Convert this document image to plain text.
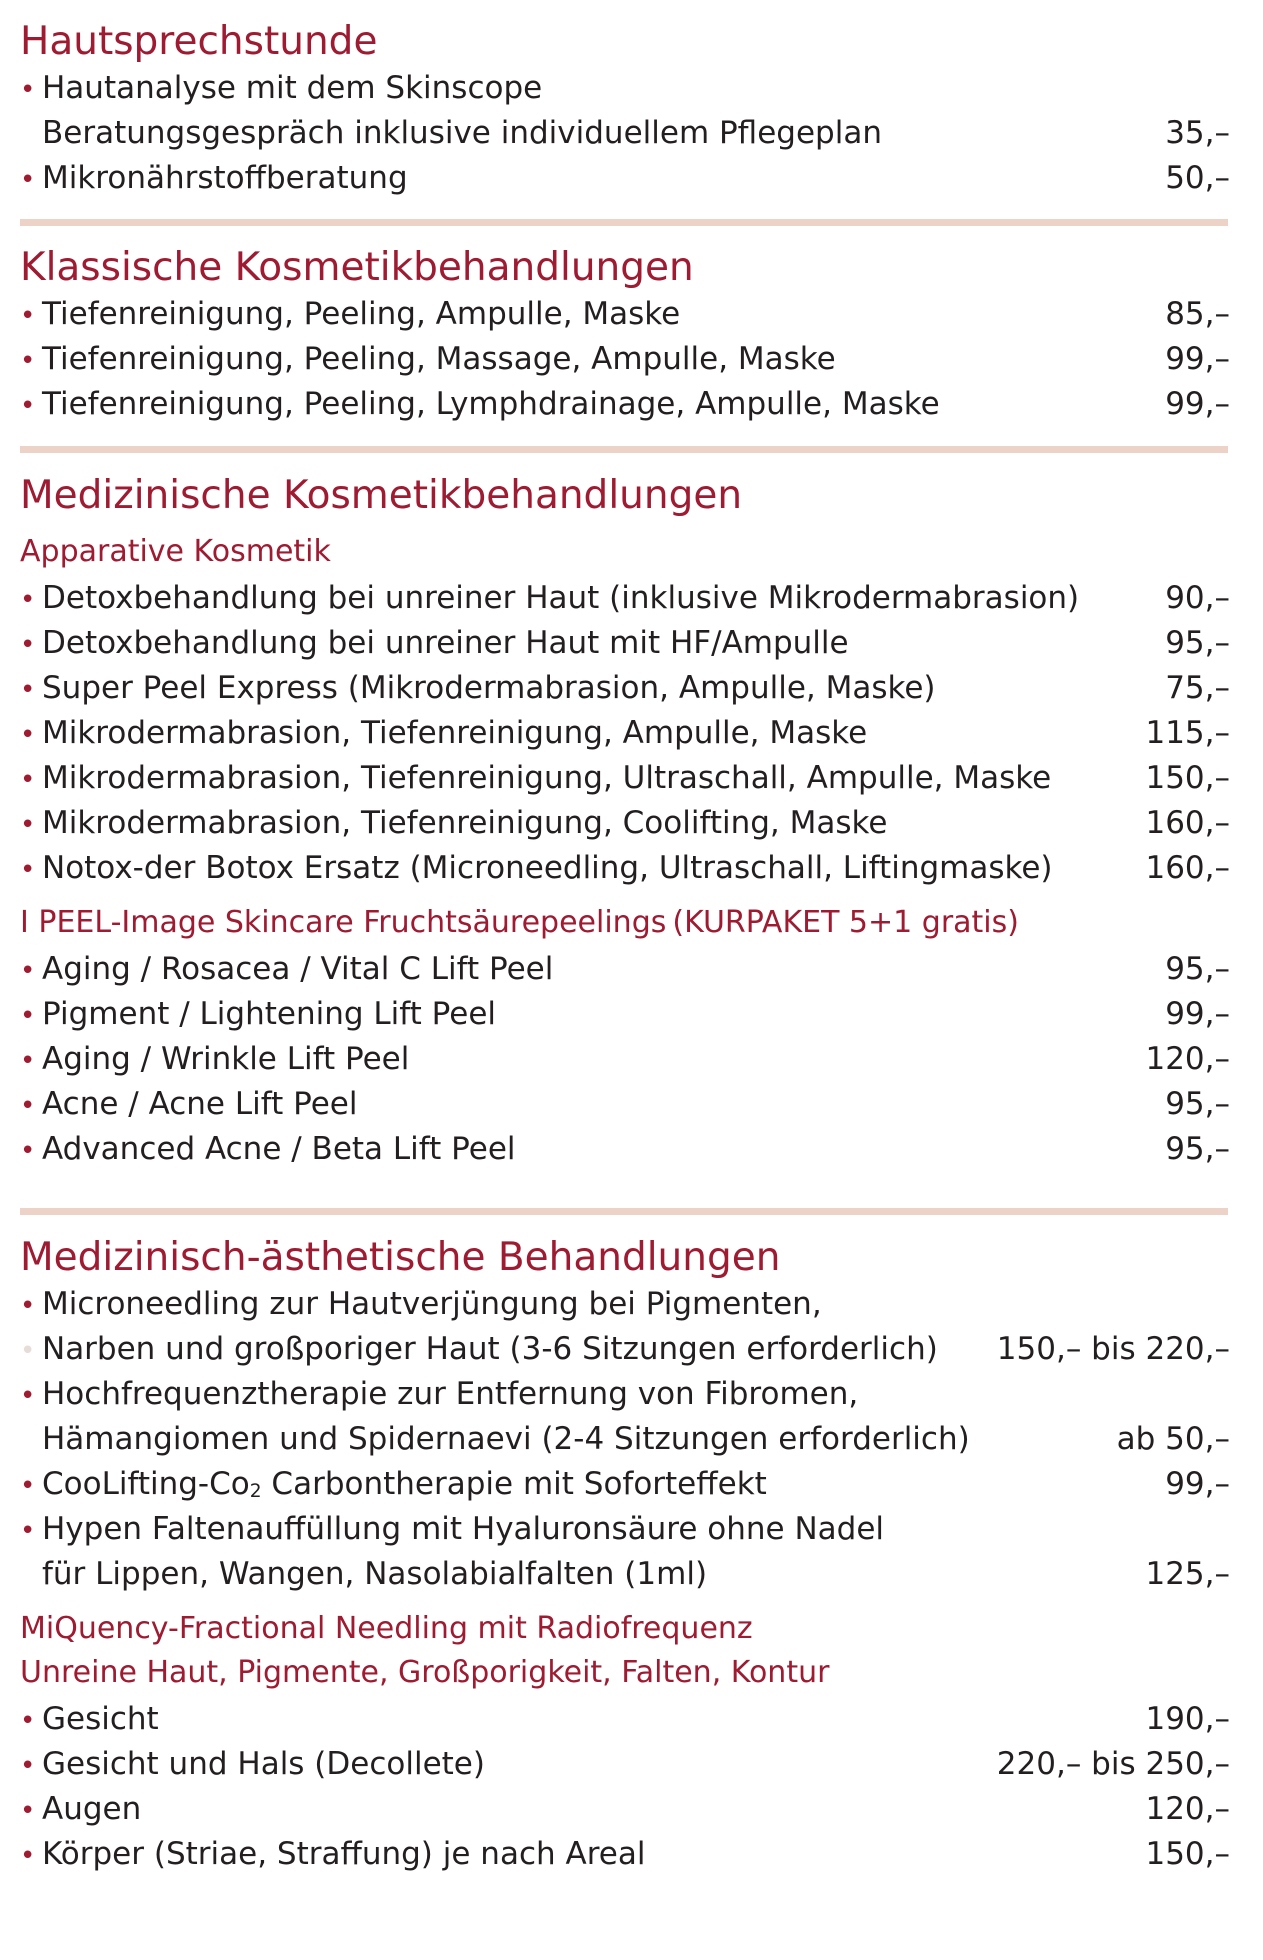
Hautsprechstunde
• Hautanalyse mit dem Skinscope
Beratungsgespräch inklusive individuellem Pflegeplan	35,–
• Mikronährstoffberatung	50,–
Klassische Kosmetikbehandlungen
• Tiefenreinigung, Peeling, Ampulle, Maske	85,–
• Tiefenreinigung, Peeling, Massage, Ampulle, Maske	99,–
• Tiefenreinigung, Peeling, Lymphdrainage, Ampulle, Maske	99,–
Medizinische Kosmetikbehandlungen
Apparative Kosmetik
• Detoxbehandlung bei unreiner Haut (inklusive Mikrodermabrasion)	90,–
• Detoxbehandlung bei unreiner Haut mit HF/Ampulle	95,–
• Super Peel Express (Mikrodermabrasion, Ampulle, Maske)	75,–
• Mikrodermabrasion, Tiefenreinigung, Ampulle, Maske	115,–
• Mikrodermabrasion, Tiefenreinigung, Ultraschall, Ampulle, Maske	150,–
• Mikrodermabrasion, Tiefenreinigung, Coolifting, Maske	160,–
• Notox-der Botox Ersatz (Microneedling, Ultraschall, Liftingmaske)	160,–
I PEEL-Image Skincare Fruchtsäurepeelings (KURPAKET 5+1 gratis)
• Aging / Rosacea / Vital C Lift Peel	95,–
• Pigment / Lightening Lift Peel	99,–
• Aging / Wrinkle Lift Peel	120,–
• Acne / Acne Lift Peel	95,–
• Advanced Acne / Beta Lift Peel	95,–
Medizinisch-ästhetische Behandlungen
• Microneedling zur Hautverjüngung bei Pigmenten,
• Narben und großporiger Haut (3-6 Sitzungen erforderlich)	150,– bis 220,–
• Hochfrequenztherapie zur Entfernung von Fibromen,
Hämangiomen und Spidernaevi (2-4 Sitzungen erforderlich)	ab 50,–
• CooLifting-$Co_2$ Carbontherapie mit Soforteffekt	99,–
• Hypen Faltenauffüllung mit Hyaluronsäure ohne Nadel
für Lippen, Wangen, Nasolabialfalten (1ml)	125,–
MiQuency-Fractional Needling mit Radiofrequenz
Unreine Haut, Pigmente, Großporigkeit, Falten, Kontur
• Gesicht	190,–
• Gesicht und Hals (Decollete)	220,– bis 250,–
• Augen	120,–
• Körper (Striae, Straffung) je nach Areal	150,–
